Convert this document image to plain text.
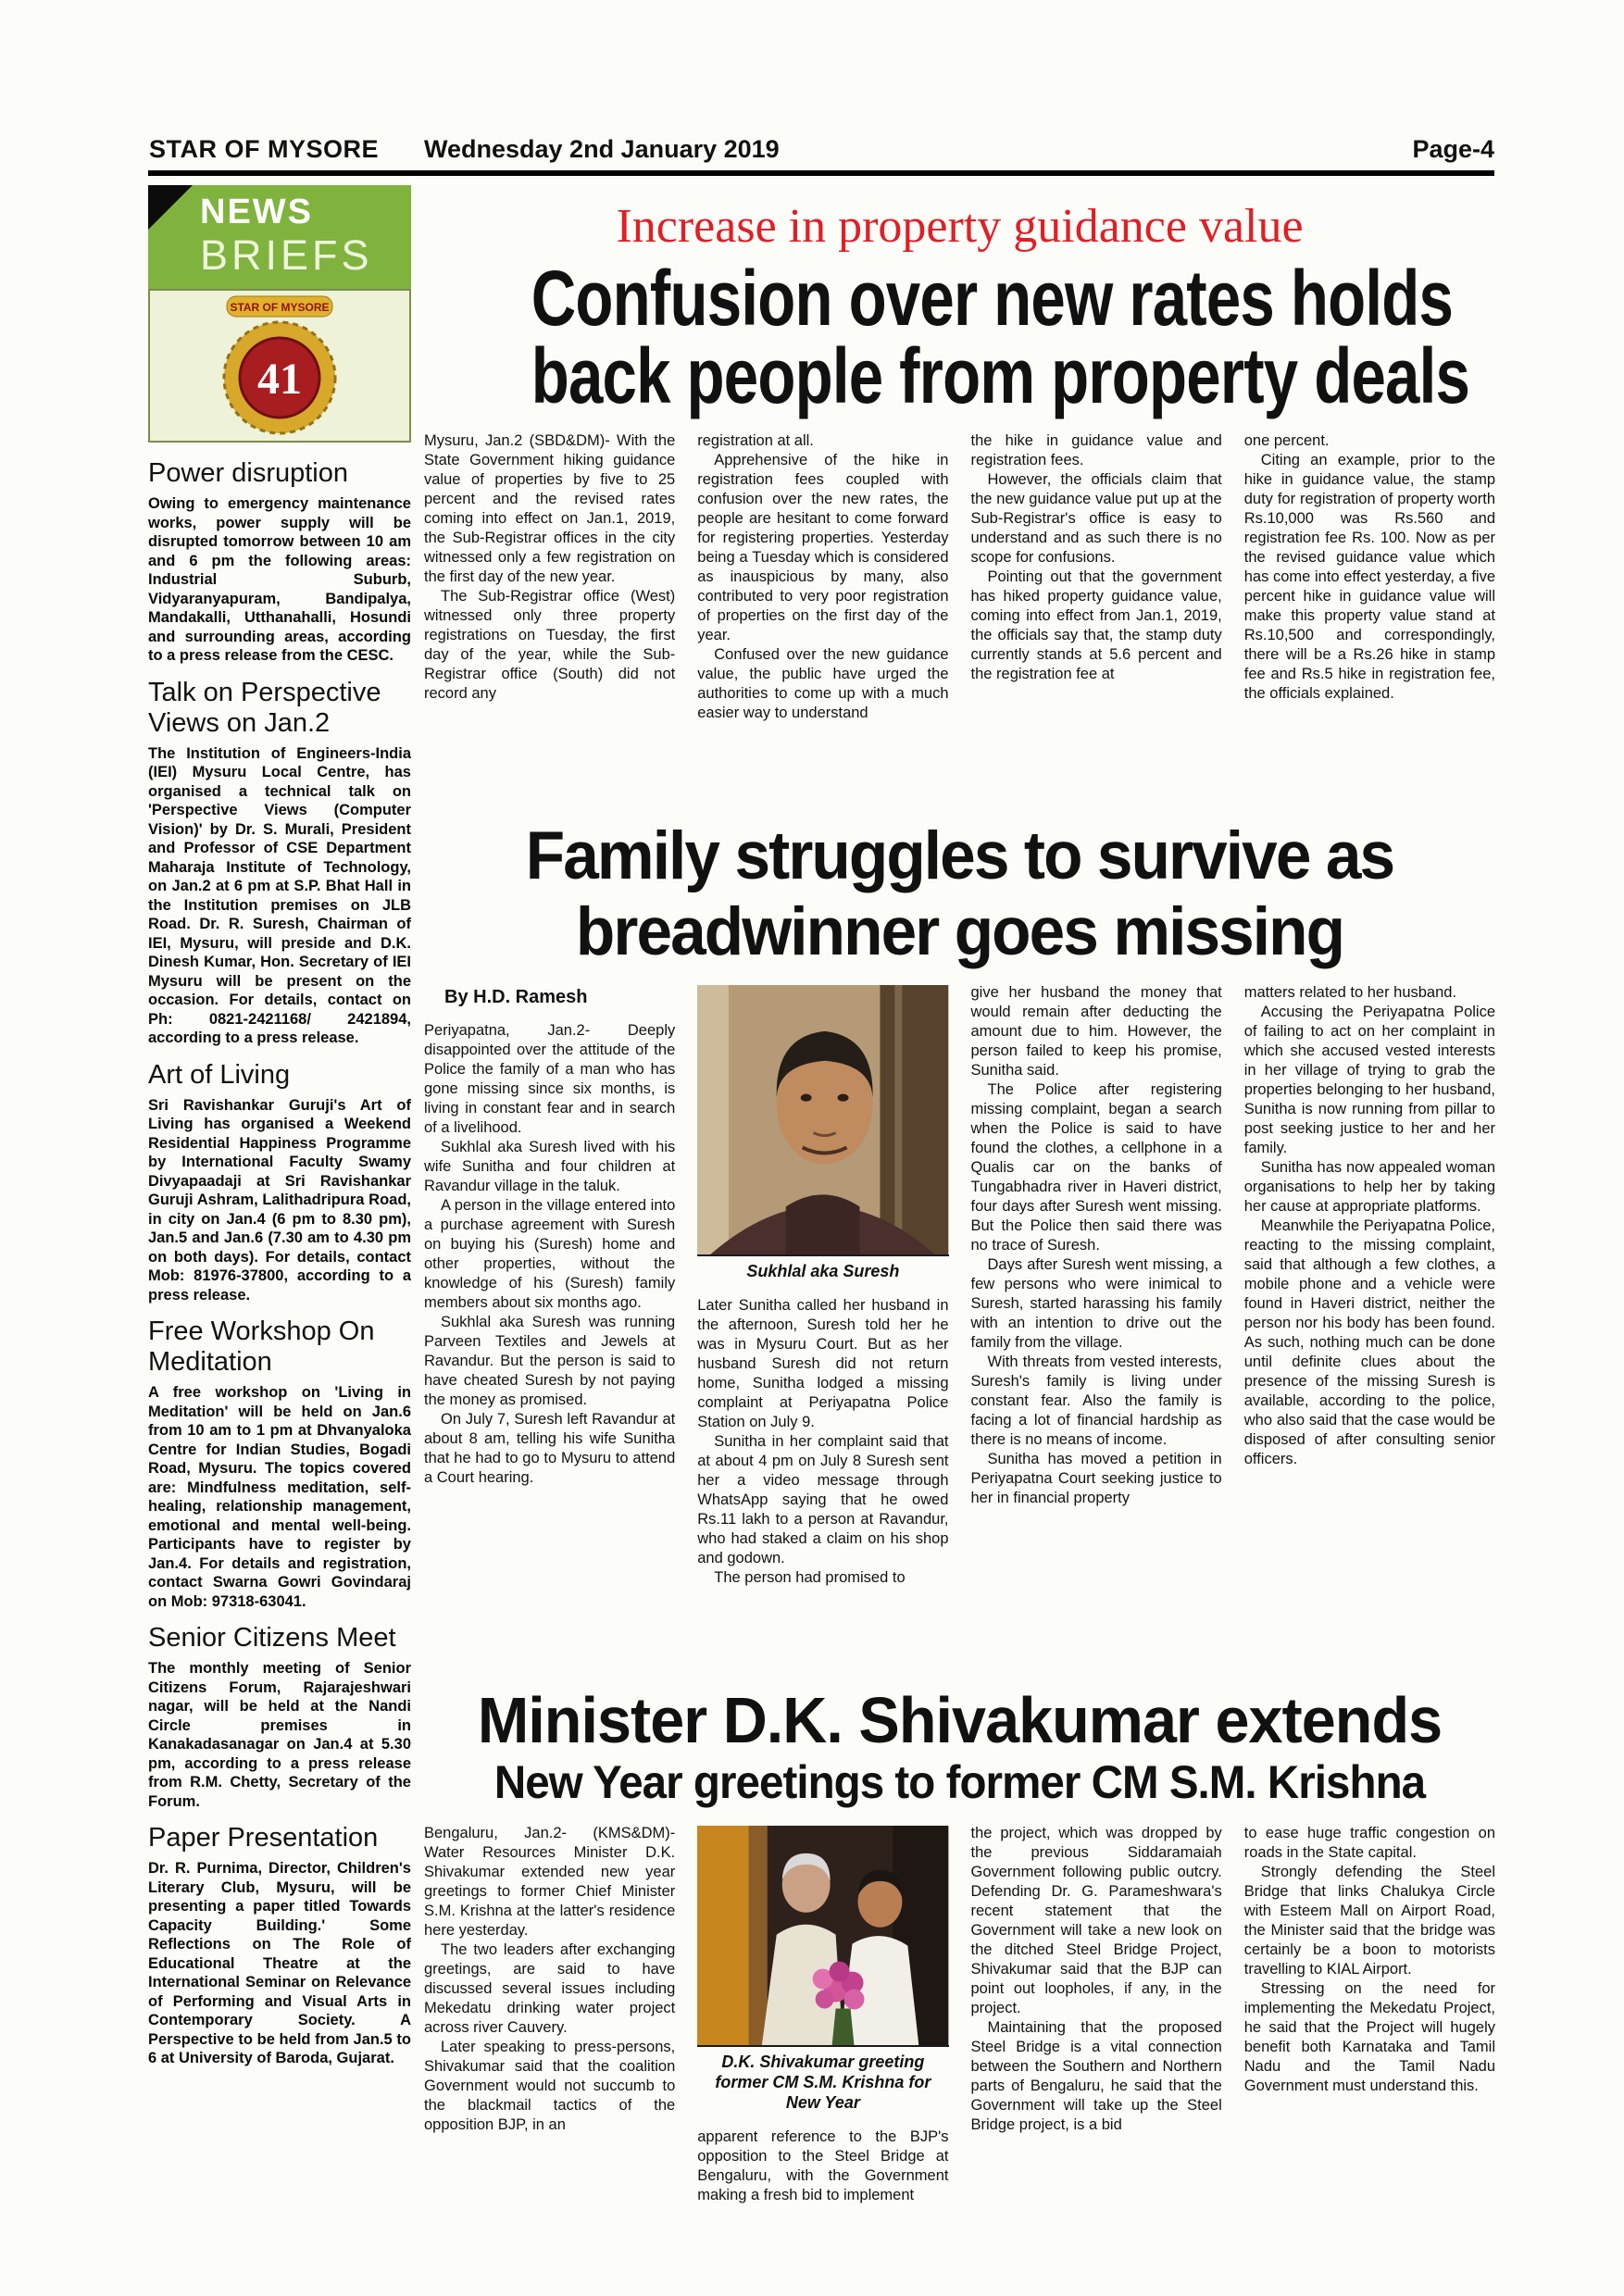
STAR OF MYSORE Wednesday 2nd January 2019	Page-4
NEWS
BRIEFS
STAR OF MYSORE
41
Power disruption

Owing to emergency maintenance works, power supply will be disrupted tomorrow between 10 am and 6 pm the following areas: Industrial Suburb, Vidyaranyapuram, Bandipalya, Mandakalli, Utthanahalli, Hosundi and surrounding areas, according to a press release from the CESC.

Talk on Perspective Views on Jan.2

The Institution of Engineers-India (IEI) Mysuru Local Centre, has organised a technical talk on 'Perspective Views (Computer Vision)' by Dr. S. Murali, President and Professor of CSE Department Maharaja Institute of Technology, on Jan.2 at 6 pm at S.P. Bhat Hall in the Institution premises on JLB Road. Dr. R. Suresh, Chairman of IEI, Mysuru, will preside and D.K. Dinesh Kumar, Hon. Secretary of IEI Mysuru will be present on the occasion. For details, contact on Ph: 0821-2421168/ 2421894, according to a press release.

Art of Living

Sri Ravishankar Guruji's Art of Living has organised a Weekend Residential Happiness Programme by International Faculty Swamy Divyapaadaji at Sri Ravishankar Guruji Ashram, Lalithadripura Road, in city on Jan.4 (6 pm to 8.30 pm), Jan.5 and Jan.6 (7.30 am to 4.30 pm on both days). For details, contact Mob: 81976-37800, according to a press release.

Free Workshop On Meditation

A free workshop on 'Living in Meditation' will be held on Jan.6 from 10 am to 1 pm at Dhvanyaloka Centre for Indian Studies, Bogadi Road, Mysuru. The topics covered are: Mindfulness meditation, self-healing, relationship management, emotional and mental well-being. Participants have to register by Jan.4. For details and registration, contact Swarna Gowri Govindaraj on Mob: 97318-63041.

Senior Citizens Meet

The monthly meeting of Senior Citizens Forum, Rajarajeshwari nagar, will be held at the Nandi Circle premises in Kanakadasanagar on Jan.4 at 5.30 pm, according to a press release from R.M. Chetty, Secretary of the Forum.

Paper Presentation

Dr. R. Purnima, Director, Children's Literary Club, Mysuru, will be presenting a paper titled Towards Capacity Building.' Some Reflections on The Role of Educational Theatre at the International Seminar on Relevance of Performing and Visual Arts in Contemporary Society. A Perspective to be held from Jan.5 to 6 at University of Baroda, Gujarat.

Increase in property guidance value
Confusion over new rates holds
back people from property deals

Mysuru, Jan.2 (SBD&DM)- With the State Government hiking guidance value of properties by five to 25 percent and the revised rates coming into effect on Jan.1, 2019, the Sub-Registrar offices in the city witnessed only a few registration on the first day of the new year.

The Sub-Registrar office (West) witnessed only three property registrations on Tuesday, the first day of the year, while the Sub-Registrar office (South) did not record any

registration at all.

Apprehensive of the hike in registration fees coupled with confusion over the new rates, the people are hesitant to come forward for registering properties. Yesterday being a Tuesday which is considered as inauspicious by many, also contributed to very poor registration of properties on the first day of the year.

Confused over the new guidance value, the public have urged the authorities to come up with a much easier way to understand

the hike in guidance value and registration fees.

However, the officials claim that the new guidance value put up at the Sub-Registrar's office is easy to understand and as such there is no scope for confusions.

Pointing out that the government has hiked property guidance value, coming into effect from Jan.1, 2019, the officials say that, the stamp duty currently stands at 5.6 percent and the registration fee at

one percent.

Citing an example, prior to the hike in guidance value, the stamp duty for registration of property worth Rs.10,000 was Rs.560 and registration fee Rs. 100. Now as per the revised guidance value which has come into effect yesterday, a five percent hike in guidance value will make this property value stand at Rs.10,500 and correspondingly, there will be a Rs.26 hike in stamp fee and Rs.5 hike in registration fee, the officials explained.

Family struggles to survive as
breadwinner goes missing
By H.D. Ramesh

Periyapatna, Jan.2- Deeply disappointed over the attitude of the Police the family of a man who has gone missing since six months, is living in constant fear and in search of a livelihood.

Sukhlal aka Suresh lived with his wife Sunitha and four children at Ravandur village in the taluk.

A person in the village entered into a purchase agreement with Suresh on buying his (Suresh) home and other properties, without the knowledge of his (Suresh) family members about six months ago.

Sukhlal aka Suresh was running Parveen Textiles and Jewels at Ravandur. But the person is said to have cheated Suresh by not paying the money as promised.

On July 7, Suresh left Ravandur at about 8 am, telling his wife Sunitha that he had to go to Mysuru to attend a Court hearing.

Sukhlal aka Suresh

Later Sunitha called her husband in the afternoon, Suresh told her he was in Mysuru Court. But as her husband Suresh did not return home, Sunitha lodged a missing complaint at Periyapatna Police Station on July 9.

Sunitha in her complaint said that at about 4 pm on July 8 Suresh sent her a video message through WhatsApp saying that he owed Rs.11 lakh to a person at Ravandur, who had staked a claim on his shop and godown.

The person had promised to

give her husband the money that would remain after deducting the amount due to him. However, the person failed to keep his promise, Sunitha said.

The Police after registering missing complaint, began a search when the Police is said to have found the clothes, a cellphone in a Qualis car on the banks of Tungabhadra river in Haveri district, four days after Suresh went missing. But the Police then said there was no trace of Suresh.

Days after Suresh went missing, a few persons who were inimical to Suresh, started harassing his family with an intention to drive out the family from the village.

With threats from vested interests, Suresh's family is living under constant fear. Also the family is facing a lot of financial hardship as there is no means of income.

Sunitha has moved a petition in Periyapatna Court seeking justice to her in financial property

matters related to her husband.

Accusing the Periyapatna Police of failing to act on her complaint in which she accused vested interests in her village of trying to grab the properties belonging to her husband, Sunitha is now running from pillar to post seeking justice to her and her family.

Sunitha has now appealed woman organisations to help her by taking her cause at appropriate platforms.

Meanwhile the Periyapatna Police, reacting to the missing complaint, said that although a few clothes, a mobile phone and a vehicle were found in Haveri district, neither the person nor his body has been found. As such, nothing much can be done until definite clues about the presence of the missing Suresh is available, according to the police, who also said that the case would be disposed of after consulting senior officers.

Minister D.K. Shivakumar extends
New Year greetings to former CM S.M. Krishna

Bengaluru, Jan.2- (KMS&DM)- Water Resources Minister D.K. Shivakumar extended new year greetings to former Chief Minister S.M. Krishna at the latter's residence here yesterday.

The two leaders after exchanging greetings, are said to have discussed several issues including Mekedatu drinking water project across river Cauvery.

Later speaking to press-persons, Shivakumar said that the coalition Government would not succumb to the blackmail tactics of the opposition BJP, in an

D.K. Shivakumar greeting former CM S.M. Krishna for New Year

apparent reference to the BJP's opposition to the Steel Bridge at Bengaluru, with the Government making a fresh bid to implement

the project, which was dropped by the previous Siddaramaiah Government following public outcry. Defending Dr. G. Parameshwara's recent statement that the Government will take a new look on the ditched Steel Bridge Project, Shivakumar said that the BJP can point out loopholes, if any, in the project.

Maintaining that the proposed Steel Bridge is a vital connection between the Southern and Northern parts of Bengaluru, he said that the Government will take up the Steel Bridge project, is a bid

to ease huge traffic congestion on roads in the State capital.

Strongly defending the Steel Bridge that links Chalukya Circle with Esteem Mall on Airport Road, the Minister said that the bridge was certainly be a boon to motorists travelling to KIAL Airport.

Stressing on the need for implementing the Mekedatu Project, he said that the Project will hugely benefit both Karnataka and Tamil Nadu and the Tamil Nadu Government must understand this.
